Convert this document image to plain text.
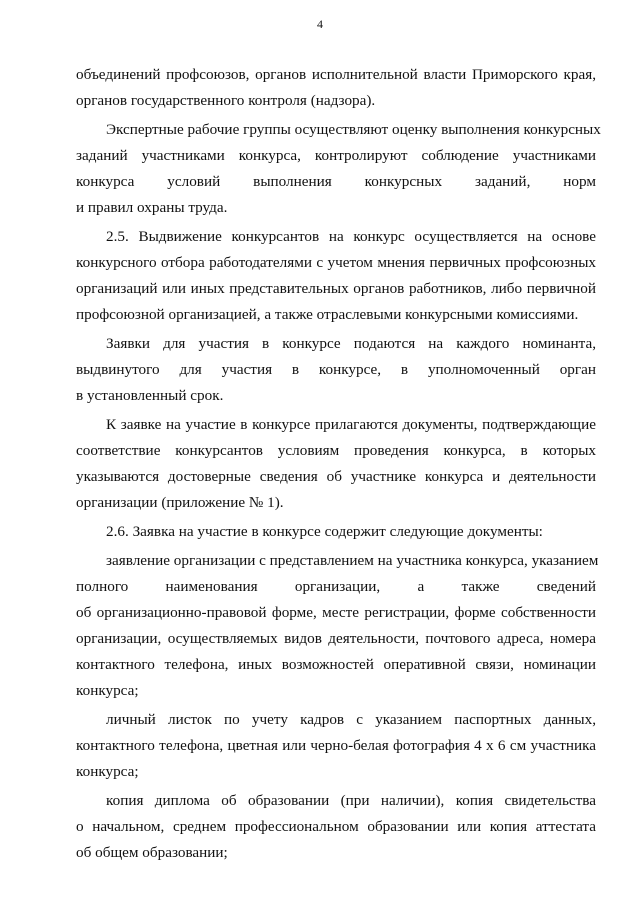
4
объединений профсоюзов, органов исполнительной власти Приморского края,
органов государственного контроля (надзора).
Экспертные рабочие группы осуществляют оценку выполнения конкурсных
заданий участниками конкурса, контролируют соблюдение участниками
конкурса условий выполнения конкурсных заданий, норм
и правил охраны труда.
2.5. Выдвижение конкурсантов на конкурс осуществляется на основе
конкурсного отбора работодателями с учетом мнения первичных профсоюзных
организаций или иных представительных органов работников, либо первичной
профсоюзной организацией, а также отраслевыми конкурсными комиссиями.
Заявки для участия в конкурсе подаются на каждого номинанта,
выдвинутого для участия в конкурсе, в уполномоченный орган
в установленный срок.
К заявке на участие в конкурсе прилагаются документы, подтверждающие
соответствие конкурсантов условиям проведения конкурса, в которых
указываются достоверные сведения об участнике конкурса и деятельности
организации (приложение № 1).
2.6. Заявка на участие в конкурсе содержит следующие документы:
заявление организации с представлением на участника конкурса, указанием
полного наименования организации, а также сведений
об организационно-правовой форме, месте регистрации, форме собственности
организации, осуществляемых видов деятельности, почтового адреса, номера
контактного телефона, иных возможностей оперативной связи, номинации
конкурса;
личный листок по учету кадров с указанием паспортных данных,
контактного телефона, цветная или черно-белая фотография 4 х 6 см участника
конкурса;
копия диплома об образовании (при наличии), копия свидетельства
о начальном, среднем профессиональном образовании или копия аттестата
об общем образовании;
